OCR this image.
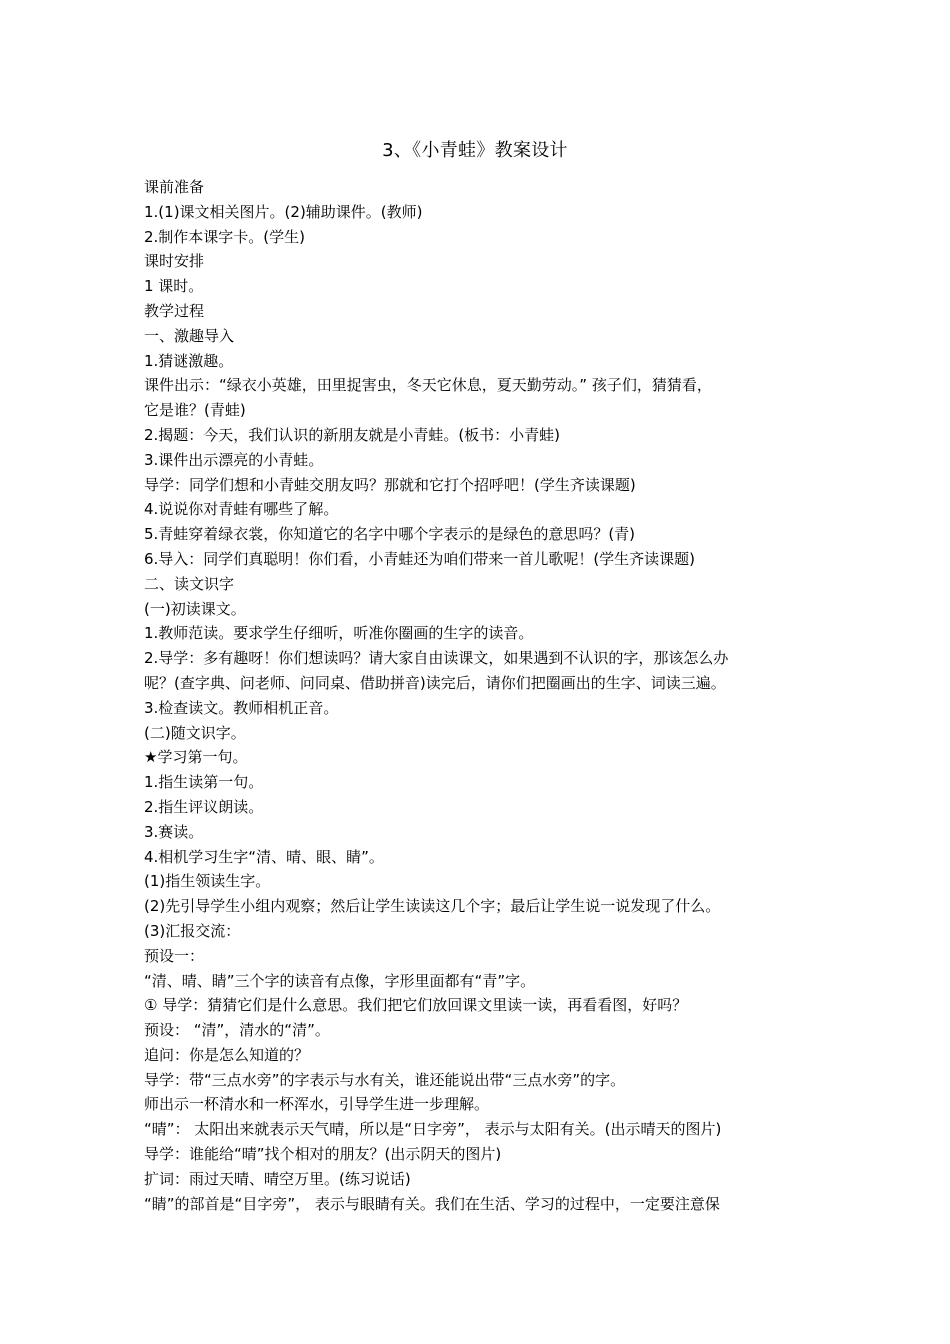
3、《小青蛙》教案设计
课前准备
1.(1)课文相关图片。(2)辅助课件。(教师)
2.制作本课字卡。(学生)
课时安排
1 课时。
教学过程
一、激趣导入
1.猜谜激趣。
课件出示：“绿衣小英雄，田里捉害虫，冬天它休息，夏天勤劳动。” 孩子们，猜猜看，
它是谁？(青蛙)
2.揭题：今天，我们认识的新朋友就是小青蛙。(板书：小青蛙)
3.课件出示漂亮的小青蛙。
导学：同学们想和小青蛙交朋友吗？那就和它打个招呼吧！(学生齐读课题)
4.说说你对青蛙有哪些了解。
5.青蛙穿着绿衣裳，你知道它的名字中哪个字表示的是绿色的意思吗？(青)
6.导入：同学们真聪明！你们看，小青蛙还为咱们带来一首儿歌呢！(学生齐读课题)
二、读文识字
(一)初读课文。
1.教师范读。要求学生仔细听，听准你圈画的生字的读音。
2.导学：多有趣呀！你们想读吗？请大家自由读课文，如果遇到不认识的字，那该怎么办
呢？(查字典、问老师、问同桌、借助拼音)读完后，请你们把圈画出的生字、词读三遍。
3.检查读文。教师相机正音。
(二)随文识字。
★学习第一句。
1.指生读第一句。
2.指生评议朗读。
3.赛读。
4.相机学习生字“清、晴、眼、睛”。
(1)指生领读生字。
(2)先引导学生小组内观察；然后让学生读读这几个字；最后让学生说一说发现了什么。
(3)汇报交流：
预设一：
“清、晴、睛”三个字的读音有点像，字形里面都有“青”字。
① 导学：猜猜它们是什么意思。我们把它们放回课文里读一读，再看看图，好吗？
预设： “清”，清水的“清”。
追问：你是怎么知道的？
导学：带“三点水旁”的字表示与水有关，谁还能说出带“三点水旁”的字。
师出示一杯清水和一杯浑水，引导学生进一步理解。
“晴”： 太阳出来就表示天气晴，所以是“日字旁”， 表示与太阳有关。(出示晴天的图片)
导学：谁能给“晴”找个相对的朋友？(出示阴天的图片)
扩词：雨过天晴、晴空万里。(练习说话)
“睛”的部首是“目字旁”， 表示与眼睛有关。我们在生活、学习的过程中，一定要注意保
